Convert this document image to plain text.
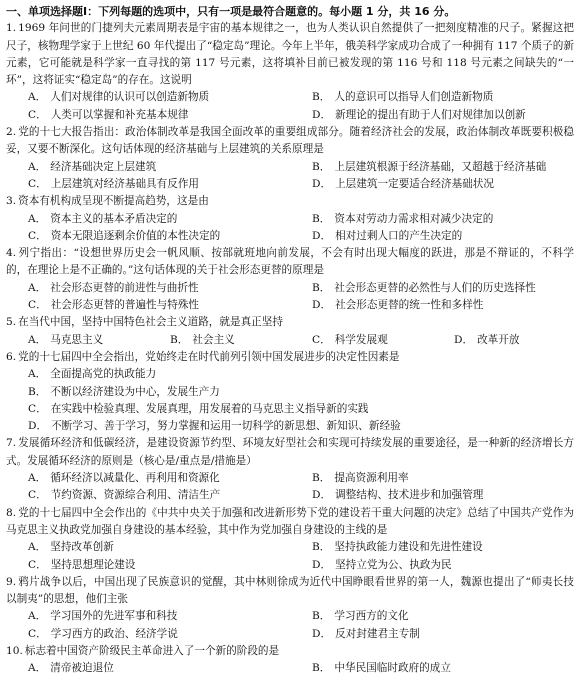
一、单项选择题Ⅰ：下列每题的选项中，只有一项是最符合题意的。每小题 1 分，共 16 分。

1. 1969 年问世的门捷列夫元素周期表是宇宙的基本规律之一，也为人类认识自然提供了一把刻度精准的尺子。紧握这把尺子，核物理学家于上世纪 60 年代提出了“稳定岛”理论。今年上半年，俄美科学家成功合成了一种拥有 117 个质子的新元素，它可能就是科学家一直寻找的第 117 号元素，这将填补目前已被发现的第 116 号和 118 号元素之间缺失的“一环”，这将证实“稳定岛”的存在。这说明

A． 人们对规律的认识可以创造新物质	B． 人的意识可以指导人们创造新物质
C． 人类可以掌握和补充基本规律	D． 新理论的提出有助于人们对规律加以创新

2. 党的十七大报告指出：政治体制改革是我国全面改革的重要组成部分。随着经济社会的发展，政治体制改革既要积极稳妥，又要不断深化。这句话体现的经济基础与上层建筑的关系原理是

A． 经济基础决定上层建筑	B． 上层建筑根源于经济基础，又超越于经济基础
C． 上层建筑对经济基础具有反作用	D． 上层建筑一定要适合经济基础状况

3. 资本有机构成呈现不断提高趋势，这是由

A． 资本主义的基本矛盾决定的	B． 资本对劳动力需求相对减少决定的
C． 资本无限追逐剩余价值的本性决定的	D． 相对过剩人口的产生决定的

4. 列宁指出：“设想世界历史会一帆风顺、按部就班地向前发展，不会有时出现大幅度的跃进，那是不辩证的，不科学的，在理论上是不正确的。”这句话体现的关于社会形态更替的原理是

A． 社会形态更替的前进性与曲折性	B． 社会形态更替的必然性与人们的历史选择性
C． 社会形态更替的普遍性与特殊性	D． 社会形态更替的统一性和多样性

5. 在当代中国，坚持中国特色社会主义道路，就是真正坚持

A． 马克思主义	B． 社会主义	C． 科学发展观	D． 改革开放

6. 党的十七届四中全会指出，党始终走在时代前列引领中国发展进步的决定性因素是

A． 全面提高党的执政能力
B． 不断以经济建设为中心，发展生产力
C． 在实践中检验真理、发展真理，用发展着的马克思主义指导新的实践
D． 不断学习、善于学习，努力掌握和运用一切科学的新思想、新知识、新经验

7. 发展循环经济和低碳经济，是建设资源节约型、环境友好型社会和实现可持续发展的重要途径，是一种新的经济增长方式。发展循环经济的原则是（核心是/重点是/措施是）

A． 循环经济以减量化、再利用和资源化	B． 提高资源利用率
C． 节约资源、资源综合利用、清洁生产	D． 调整结构、技术进步和加强管理

8. 党的十七届四中全会作出的《中共中央关于加强和改进新形势下党的建设若干重大问题的决定》总结了中国共产党作为马克思主义执政党加强自身建设的基本经验，其中作为党加强自身建设的主线的是

A． 坚持改革创新	B． 坚持执政能力建设和先进性建设
C． 坚持思想理论建设	D． 坚持立党为公、执政为民

9. 鸦片战争以后，中国出现了民族意识的觉醒，其中林则徐成为近代中国睁眼看世界的第一人，魏源也提出了“师夷长技以制夷”的思想，他们主张

A． 学习国外的先进军事和科技	B． 学习西方的文化
C． 学习西方的政治、经济学说	D． 反对封建君主专制

10. 标志着中国资产阶级民主革命进入了一个新的阶段的是

A． 清帝被迫退位	B． 中华民国临时政府的成立
